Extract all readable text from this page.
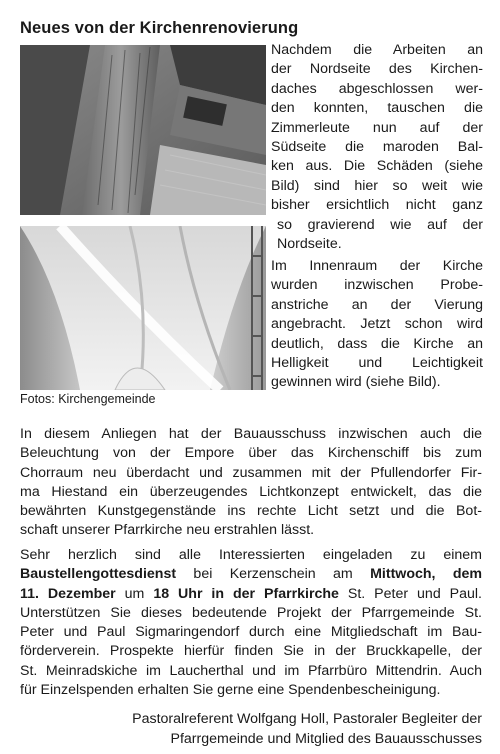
Neues von der Kirchenrenovierung
Fotos: Kirchengemeinde
Nachdem die Arbeiten an
der Nordseite des Kirchen-
daches abgeschlossen wer-
den konnten, tauschen die
Zimmerleute nun auf der
Südseite die maroden Bal-
ken aus. Die Schäden (siehe
Bild) sind hier so weit wie
bisher ersichtlich nicht ganz
so gravierend wie auf der
Nordseite.
Im Innenraum der Kirche
wurden inzwischen Probe-
anstriche an der Vierung
angebracht. Jetzt schon wird
deutlich, dass die Kirche an
Helligkeit und Leichtigkeit
gewinnen wird (siehe Bild).
In diesem Anliegen hat der Bauausschuss inzwischen auch die
Beleuchtung von der Empore über das Kirchenschiff bis zum
Chorraum neu überdacht und zusammen mit der Pfullendorfer Fir-
ma Hiestand ein überzeugendes Lichtkonzept entwickelt, das die
bewährten Kunstgegenstände ins rechte Licht setzt und die Bot-
schaft unserer Pfarrkirche neu erstrahlen lässt.
Sehr herzlich sind alle Interessierten eingeladen zu einem
Baustellengottesdienst bei Kerzenschein am Mittwoch, dem
11. Dezember um 18 Uhr in der Pfarrkirche St. Peter und Paul.
Unterstützen Sie dieses bedeutende Projekt der Pfarrgemeinde St.
Peter und Paul Sigmaringendorf durch eine Mitgliedschaft im Bau-
förderverein. Prospekte hierfür finden Sie in der Bruckkapelle, der
St. Meinradskiche im Laucherthal und im Pfarrbüro Mittendrin. Auch
für Einzelspenden erhalten Sie gerne eine Spendenbescheinigung.
Pastoralreferent Wolfgang Holl, Pastoraler Begleiter der
Pfarrgemeinde und Mitglied des Bauausschusses
